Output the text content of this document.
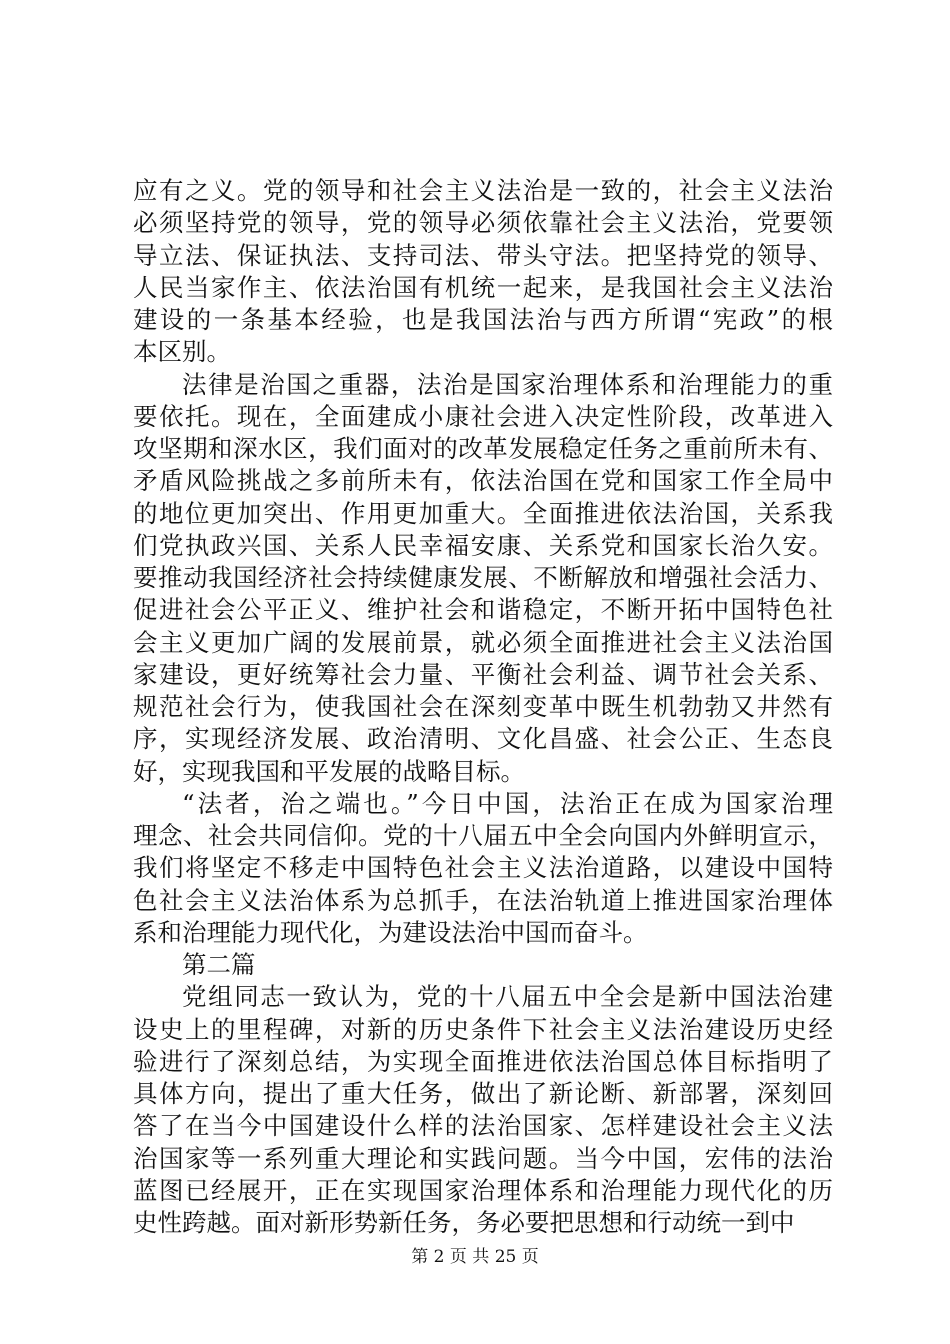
应有之义。党的领导和社会主义法治是一致的，社会主义法治
必须坚持党的领导，党的领导必须依靠社会主义法治，党要领
导立法、保证执法、支持司法、带头守法。把坚持党的领导、
人民当家作主、依法治国有机统一起来，是我国社会主义法治
建设的一条基本经验，也是我国法治与西方所谓“宪政”的根
本区别。
法律是治国之重器，法治是国家治理体系和治理能力的重
要依托。现在，全面建成小康社会进入决定性阶段，改革进入
攻坚期和深水区，我们面对的改革发展稳定任务之重前所未有、
矛盾风险挑战之多前所未有，依法治国在党和国家工作全局中
的地位更加突出、作用更加重大。全面推进依法治国，关系我
们党执政兴国、关系人民幸福安康、关系党和国家长治久安。
要推动我国经济社会持续健康发展、不断解放和增强社会活力、
促进社会公平正义、维护社会和谐稳定，不断开拓中国特色社
会主义更加广阔的发展前景，就必须全面推进社会主义法治国
家建设，更好统筹社会力量、平衡社会利益、调节社会关系、
规范社会行为，使我国社会在深刻变革中既生机勃勃又井然有
序，实现经济发展、政治清明、文化昌盛、社会公正、生态良
好，实现我国和平发展的战略目标。
“法者，治之端也。”今日中国，法治正在成为国家治理
理念、社会共同信仰。党的十八届五中全会向国内外鲜明宣示，
我们将坚定不移走中国特色社会主义法治道路，以建设中国特
色社会主义法治体系为总抓手，在法治轨道上推进国家治理体
系和治理能力现代化，为建设法治中国而奋斗。
第二篇
党组同志一致认为，党的十八届五中全会是新中国法治建
设史上的里程碑，对新的历史条件下社会主义法治建设历史经
验进行了深刻总结，为实现全面推进依法治国总体目标指明了
具体方向，提出了重大任务，做出了新论断、新部署，深刻回
答了在当今中国建设什么样的法治国家、怎样建设社会主义法
治国家等一系列重大理论和实践问题。当今中国，宏伟的法治
蓝图已经展开，正在实现国家治理体系和治理能力现代化的历
史性跨越。面对新形势新任务，务必要把思想和行动统一到中
第 2 页 共 25 页
